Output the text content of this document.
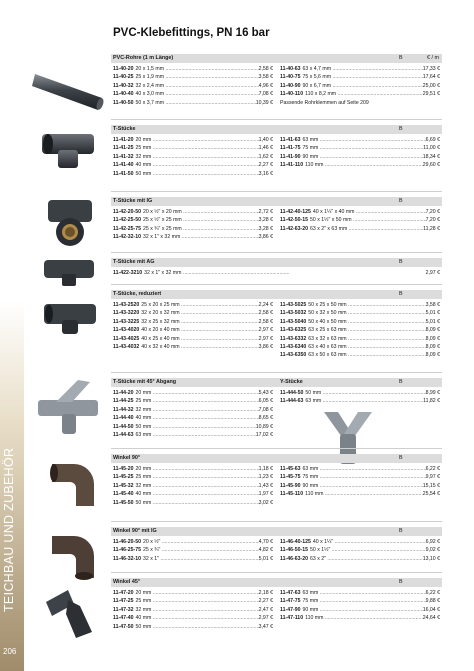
TEICHBAU UND ZUBEHÖR
206
PVC-Klebefittings, PN 16 bar
PVC-Rohre (1 m Länge)	B	€ / m
11-40-20 20 x 1,5 mm .....	2,58 €
11-40-25 25 x 1,9 mm .....	3,58 €
11-40-32 32 x 2,4 mm .....	4,96 €
11-40-40 40 x 3,0 mm .....	7,08 €
11-40-50 50 x 3,7 mm .....	10,39 €
11-40-63 63 x 4,7 mm .....	17,33 €
11-40-75 75 x 5,6 mm .....	17,64 €
11-40-90 90 x 6,7 mm .....	25,00 €
11-40-110 110 x 8,2 mm .....	29,51 €
Passende Rohrklemmen auf Seite 209
T-Stücke	B
11-41-20 20 mm .....	1,40 €
11-41-25 25 mm .....	1,46 €
11-41-32 32 mm .....	1,62 €
11-41-40 40 mm .....	2,27 €
11-41-50 50 mm .....	3,16 €
11-41-63 63 mm .....	6,69 €
11-41-75 75 mm .....	11,00 €
11-41-90 90 mm .....	18,34 €
11-41-110 110 mm .....	29,60 €
T-Stücke mit IG	B
11-42-20-50 20 x ½" x 20 mm .....	2,72 €
11-42-25-50 25 x ½" x 25 mm .....	3,28 €
11-42-25-75 25 x ¾" x 25 mm .....	3,28 €
11-42-32-10 32 x 1" x 32 mm .....	3,86 €
11-42-40-125 40 x 1¼" x 40 mm .....	7,20 €
11-42-50-15 50 x 1½" x 50 mm .....	7,20 €
11-42-63-20 63 x 2" x 63 mm .....	11,28 €
T-Stücke mit AG	B
11-422-3210 32 x 1" x 32 mm .....	2,97 €
T-Stücke, reduziert	B
11-43-2520 25 x 20 x 25 mm .....	2,24 €
11-43-3220 32 x 20 x 32 mm .....	2,58 €
11-43-3225 32 x 25 x 32 mm .....	2,58 €
11-43-4020 40 x 20 x 40 mm .....	2,97 €
11-43-4025 40 x 25 x 40 mm .....	2,97 €
11-43-4032 40 x 32 x 40 mm .....	3,86 €
11-43-5025 50 x 25 x 50 mm .....	3,58 €
11-43-5032 50 x 32 x 50 mm .....	5,01 €
11-43-5040 50 x 40 x 50 mm .....	5,01 €
11-43-6325 63 x 25 x 63 mm .....	8,09 €
11-43-6332 63 x 32 x 63 mm .....	8,09 €
11-43-6340 63 x 40 x 63 mm .....	8,09 €
11-43-6350 63 x 50 x 63 mm .....	8,09 €
T-Stücke mit 45° Abgang	Y-Stücke	B
11-44-20 20 mm .....	5,43 €
11-44-25 25 mm .....	6,05 €
11-44-32 32 mm .....	7,08 €
11-44-40 40 mm .....	8,65 €
11-44-50 50 mm .....	10,89 €
11-44-63 63 mm .....	17,02 €
11-444-50 50 mm .....	8,99 €
11-444-63 63 mm .....	11,82 €
Winkel 90°	B
11-45-20 20 mm .....	1,18 €
11-45-25 25 mm .....	1,23 €
11-45-32 32 mm .....	1,43 €
11-45-40 40 mm .....	1,97 €
11-45-50 50 mm .....	3,02 €
11-45-63 63 mm .....	6,22 €
11-45-75 75 mm .....	9,97 €
11-45-90 90 mm .....	15,15 €
11-45-110 110 mm .....	25,54 €
Winkel 90° mit IG	B
11-46-20-50 20 x ½" .....	4,70 €
11-46-25-75 25 x ¾" .....	4,82 €
11-46-32-10 32 x 1" .....	5,01 €
11-46-40-125 40 x 1¼" .....	6,92 €
11-46-50-15 50 x 1½" .....	9,02 €
11-46-63-20 63 x 2" .....	13,10 €
Winkel 45°	B
11-47-20 20 mm .....	2,18 €
11-47-25 25 mm .....	2,27 €
11-47-32 32 mm .....	2,47 €
11-47-40 40 mm .....	2,97 €
11-47-50 50 mm .....	3,47 €
11-47-63 63 mm .....	6,22 €
11-47-75 75 mm .....	9,88 €
11-47-90 90 mm .....	16,04 €
11-47-110 110 mm .....	24,64 €
